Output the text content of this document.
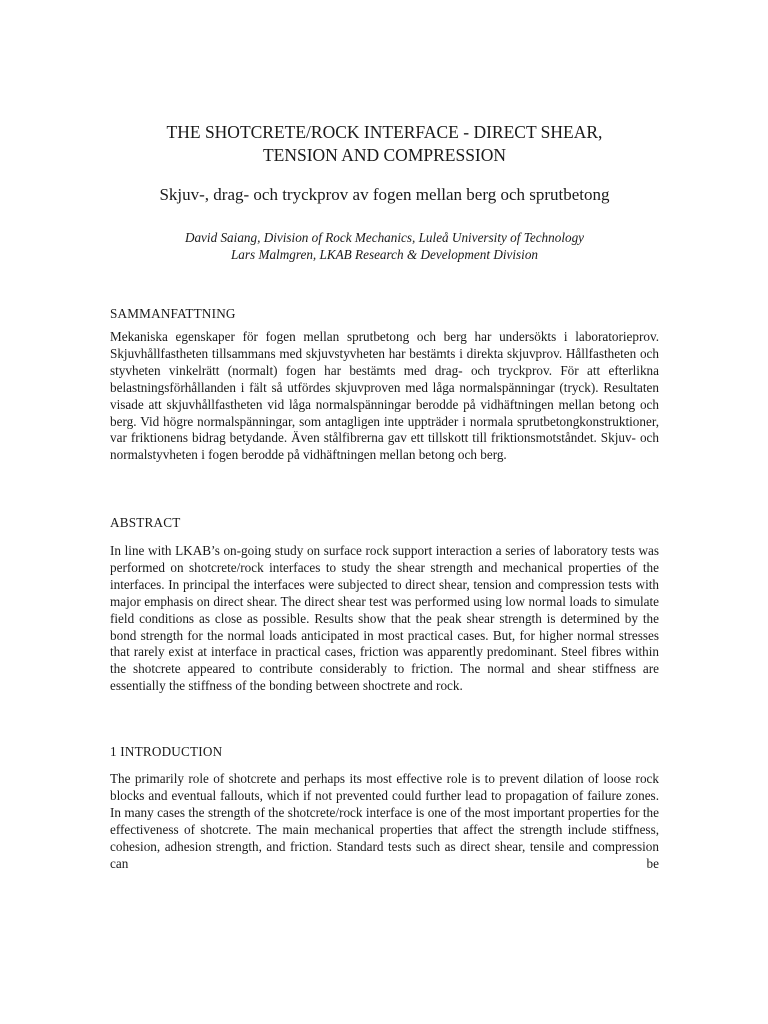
THE SHOTCRETE/ROCK INTERFACE - DIRECT SHEAR,
TENSION AND COMPRESSION
Skjuv-, drag- och tryckprov av fogen mellan berg och sprutbetong
David Saiang, Division of Rock Mechanics, Luleå University of Technology
Lars Malmgren, LKAB Research & Development Division
SAMMANFATTNING

Mekaniska egenskaper för fogen mellan sprutbetong och berg har undersökts i laboratorieprov. Skjuvhållfastheten tillsammans med skjuvstyvheten har bestämts i direkta skjuvprov. Hållfastheten och styvheten vinkelrätt (normalt) fogen har bestämts med drag- och tryckprov. För att efterlikna belastningsförhållanden i fält så utfördes skjuvproven med låga normalspänningar (tryck). Resultaten visade att skjuvhållfastheten vid låga normalspänningar berodde på vidhäftningen mellan betong och berg. Vid högre normalspänningar, som antagligen inte uppträder i normala sprutbetongkonstruktioner, var friktionens bidrag betydande. Även stålfibrerna gav ett tillskott till friktionsmotståndet. Skjuv- och normalstyvheten i fogen berodde på vidhäftningen mellan betong och berg.

ABSTRACT

In line with LKAB’s on-going study on surface rock support interaction a series of laboratory tests was performed on shotcrete/rock interfaces to study the shear strength and mechanical properties of the interfaces. In principal the interfaces were subjected to direct shear, tension and compression tests with major emphasis on direct shear. The direct shear test was performed using low normal loads to simulate field conditions as close as possible. Results show that the peak shear strength is determined by the bond strength for the normal loads anticipated in most practical cases. But, for higher normal stresses that rarely exist at interface in practical cases, friction was apparently predominant. Steel fibres within the shotcrete appeared to contribute considerably to friction. The normal and shear stiffness are essentially the stiffness of the bonding between shoctrete and rock.

1 INTRODUCTION

The primarily role of shotcrete and perhaps its most effective role is to prevent dilation of loose rock blocks and eventual fallouts, which if not prevented could further lead to propagation of failure zones. In many cases the strength of the shotcrete/rock interface is one of the most important properties for the effectiveness of shotcrete. The main mechanical properties that affect the strength include stiffness, cohesion, adhesion strength, and friction. Standard tests such as direct shear, tensile and compression can be
